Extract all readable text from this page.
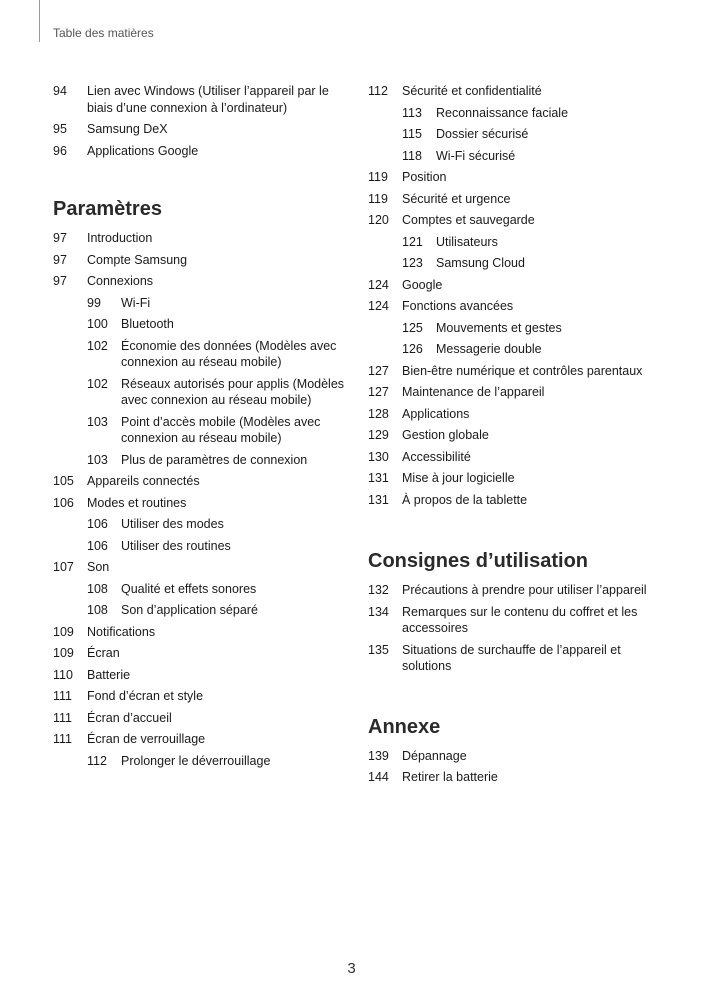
Table des matières
94	Lien avec Windows (Utiliser l’appareil par le biais d’une connexion à l’ordinateur)
95	Samsung DeX
96	Applications Google
Paramètres
97	Introduction
97	Compte Samsung
97	Connexions
99	Wi-Fi
100	Bluetooth
102	Économie des données (Modèles avec connexion au réseau mobile)
102	Réseaux autorisés pour applis (Modèles avec connexion au réseau mobile)
103	Point d’accès mobile (Modèles avec connexion au réseau mobile)
103	Plus de paramètres de connexion
105	Appareils connectés
106	Modes et routines
106	Utiliser des modes
106	Utiliser des routines
107	Son
108	Qualité et effets sonores
108	Son d’application séparé
109	Notifications
109	Écran
110	Batterie
111	Fond d’écran et style
111	Écran d’accueil
111	Écran de verrouillage
112	Prolonger le déverrouillage
112	Sécurité et confidentialité
113	Reconnaissance faciale
115	Dossier sécurisé
118	Wi-Fi sécurisé
119	Position
119	Sécurité et urgence
120	Comptes et sauvegarde
121	Utilisateurs
123	Samsung Cloud
124	Google
124	Fonctions avancées
125	Mouvements et gestes
126	Messagerie double
127	Bien-être numérique et contrôles parentaux
127	Maintenance de l’appareil
128	Applications
129	Gestion globale
130	Accessibilité
131	Mise à jour logicielle
131	À propos de la tablette
Consignes d’utilisation
132	Précautions à prendre pour utiliser l’appareil
134	Remarques sur le contenu du coffret et les accessoires
135	Situations de surchauffe de l’appareil et solutions
Annexe
139	Dépannage
144	Retirer la batterie
3
